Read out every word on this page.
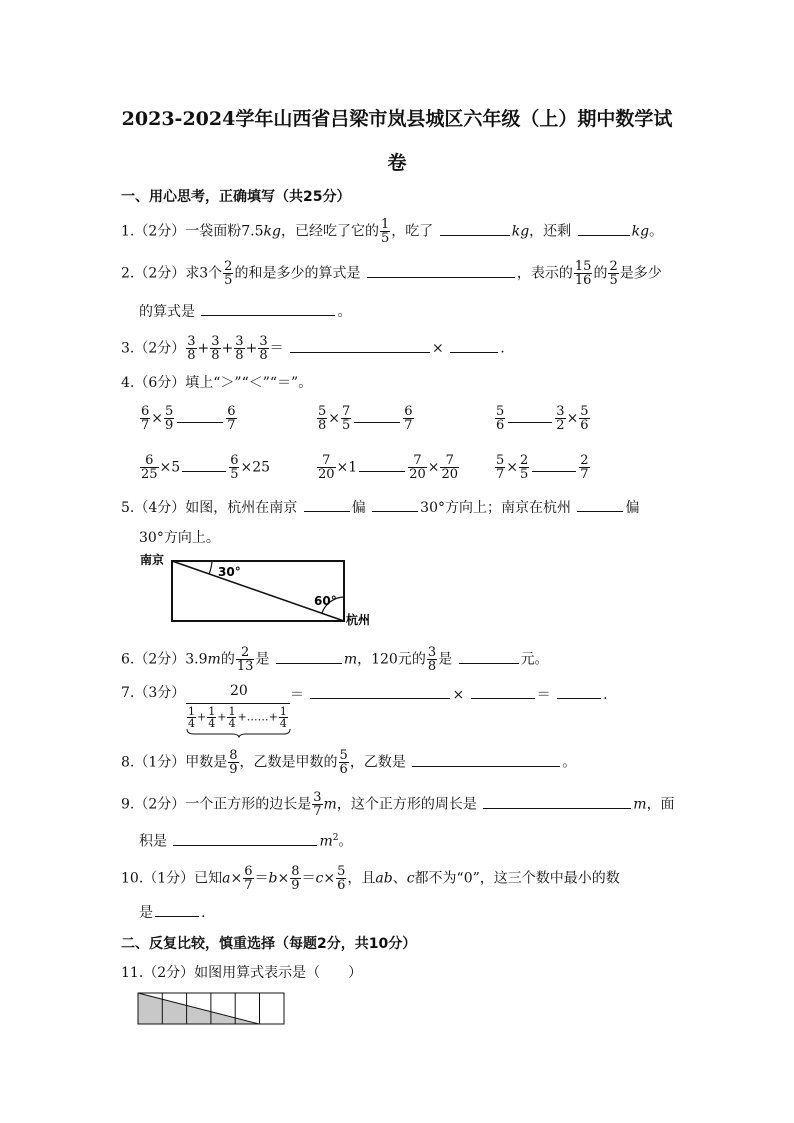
2023-2024学年山西省吕梁市岚县城区六年级（上）期中数学试
卷
一、用心思考，正确填写（共25分）
1.（2分）一袋面粉7.5kg，已经吃了它的 $\frac{1}{5}$ ，吃了	kg，还剩	kg。
2.（2分）求3个 $\frac{2}{5}$ 的和是多少的算式是	，表示的 $\frac{15}{16}$ 的 $\frac{2}{5}$ 是多少
的算式是	。
3.（2分） $\frac{3}{8} + \frac{3}{8} + \frac{3}{8} + \frac{3}{8}$ ＝	×	.
4.（6分）填上“＞”“＜”“＝”。
$\frac{6}{7} \times \frac{5}{9}$	$\frac{6}{7}$	$\frac{5}{8} \times \frac{7}{5}$	$\frac{6}{7}$	$\frac{5}{6}$	$\frac{3}{2} \times \frac{5}{6}$
$\frac{6}{25} \times 5$	$\frac{6}{5} \times 25$	$\frac{7}{20} \times 1$	$\frac{7}{20} \times \frac{7}{20}$	$\frac{5}{7} \times \frac{2}{5}$	$\frac{2}{7}$
5.（4分）如图，杭州在南京	偏	30°方向上；南京在杭州	偏
30°方向上。
南京
30°
60°
杭州
6.（2分）3.9m的 $\frac{2}{13}$ 是	m，120元的 $\frac{3}{8}$ 是	元。
7.（3分）	20
$\frac{1}{4} + \frac{1}{4} + \frac{1}{4}$ +……+ $\frac{1}{4}$
＝	×	＝	.
8.（1分）甲数是 $\frac{8}{9}$ ，乙数是甲数的 $\frac{5}{6}$ ，乙数是	。
9.（2分）一个正方形的边长是 $\frac{3}{7}$ m，这个正方形的周长是	m，面
积是	$m^2$。
10.（1分）已知$a\times \frac{6}{7} =b\times \frac{8}{9} =c\times \frac{5}{6}$ ，且ab、c都不为“0”，这三个数中最小的数
是	.
二、反复比较，慎重选择（每题2分，共10分）
11.（2分）如图用算式表示是（　　）
